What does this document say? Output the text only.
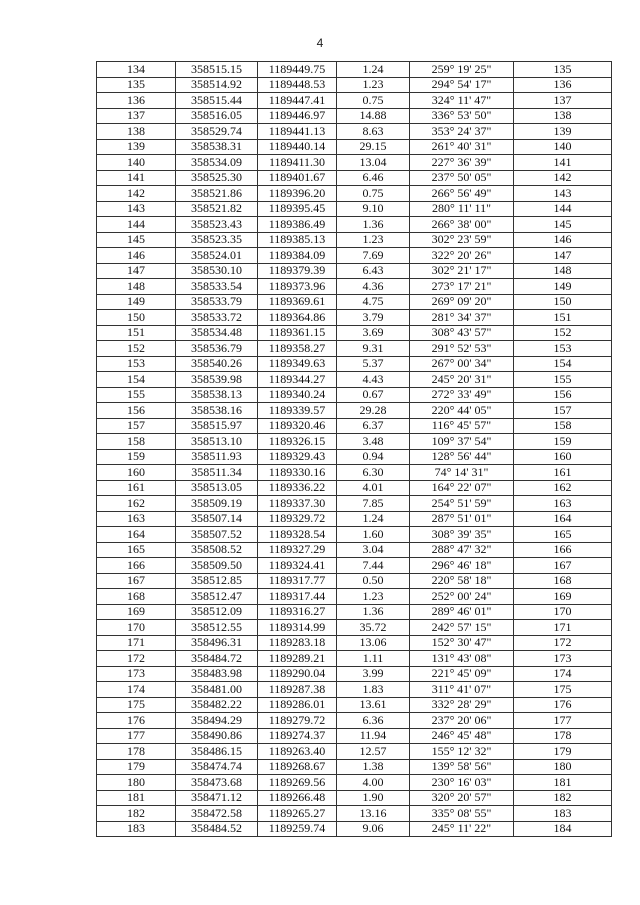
4
134	358515.15	1189449.75	1.24	259° 19' 25"	135
135	358514.92	1189448.53	1.23	294° 54' 17"	136
136	358515.44	1189447.41	0.75	324° 11' 47"	137
137	358516.05	1189446.97	14.88	336° 53' 50"	138
138	358529.74	1189441.13	8.63	353° 24' 37"	139
139	358538.31	1189440.14	29.15	261° 40' 31"	140
140	358534.09	1189411.30	13.04	227° 36' 39"	141
141	358525.30	1189401.67	6.46	237° 50' 05"	142
142	358521.86	1189396.20	0.75	266° 56' 49"	143
143	358521.82	1189395.45	9.10	280° 11' 11"	144
144	358523.43	1189386.49	1.36	266° 38' 00"	145
145	358523.35	1189385.13	1.23	302° 23' 59"	146
146	358524.01	1189384.09	7.69	322° 20' 26"	147
147	358530.10	1189379.39	6.43	302° 21' 17"	148
148	358533.54	1189373.96	4.36	273° 17' 21"	149
149	358533.79	1189369.61	4.75	269° 09' 20"	150
150	358533.72	1189364.86	3.79	281° 34' 37"	151
151	358534.48	1189361.15	3.69	308° 43' 57"	152
152	358536.79	1189358.27	9.31	291° 52' 53"	153
153	358540.26	1189349.63	5.37	267° 00' 34"	154
154	358539.98	1189344.27	4.43	245° 20' 31"	155
155	358538.13	1189340.24	0.67	272° 33' 49"	156
156	358538.16	1189339.57	29.28	220° 44' 05"	157
157	358515.97	1189320.46	6.37	116° 45' 57"	158
158	358513.10	1189326.15	3.48	109° 37' 54"	159
159	358511.93	1189329.43	0.94	128° 56' 44"	160
160	358511.34	1189330.16	6.30	74° 14' 31"	161
161	358513.05	1189336.22	4.01	164° 22' 07"	162
162	358509.19	1189337.30	7.85	254° 51' 59"	163
163	358507.14	1189329.72	1.24	287° 51' 01"	164
164	358507.52	1189328.54	1.60	308° 39' 35"	165
165	358508.52	1189327.29	3.04	288° 47' 32"	166
166	358509.50	1189324.41	7.44	296° 46' 18"	167
167	358512.85	1189317.77	0.50	220° 58' 18"	168
168	358512.47	1189317.44	1.23	252° 00' 24"	169
169	358512.09	1189316.27	1.36	289° 46' 01"	170
170	358512.55	1189314.99	35.72	242° 57' 15"	171
171	358496.31	1189283.18	13.06	152° 30' 47"	172
172	358484.72	1189289.21	1.11	131° 43' 08"	173
173	358483.98	1189290.04	3.99	221° 45' 09"	174
174	358481.00	1189287.38	1.83	311° 41' 07"	175
175	358482.22	1189286.01	13.61	332° 28' 29"	176
176	358494.29	1189279.72	6.36	237° 20' 06"	177
177	358490.86	1189274.37	11.94	246° 45' 48"	178
178	358486.15	1189263.40	12.57	155° 12' 32"	179
179	358474.74	1189268.67	1.38	139° 58' 56"	180
180	358473.68	1189269.56	4.00	230° 16' 03"	181
181	358471.12	1189266.48	1.90	320° 20' 57"	182
182	358472.58	1189265.27	13.16	335° 08' 55"	183
183	358484.52	1189259.74	9.06	245° 11' 22"	184
